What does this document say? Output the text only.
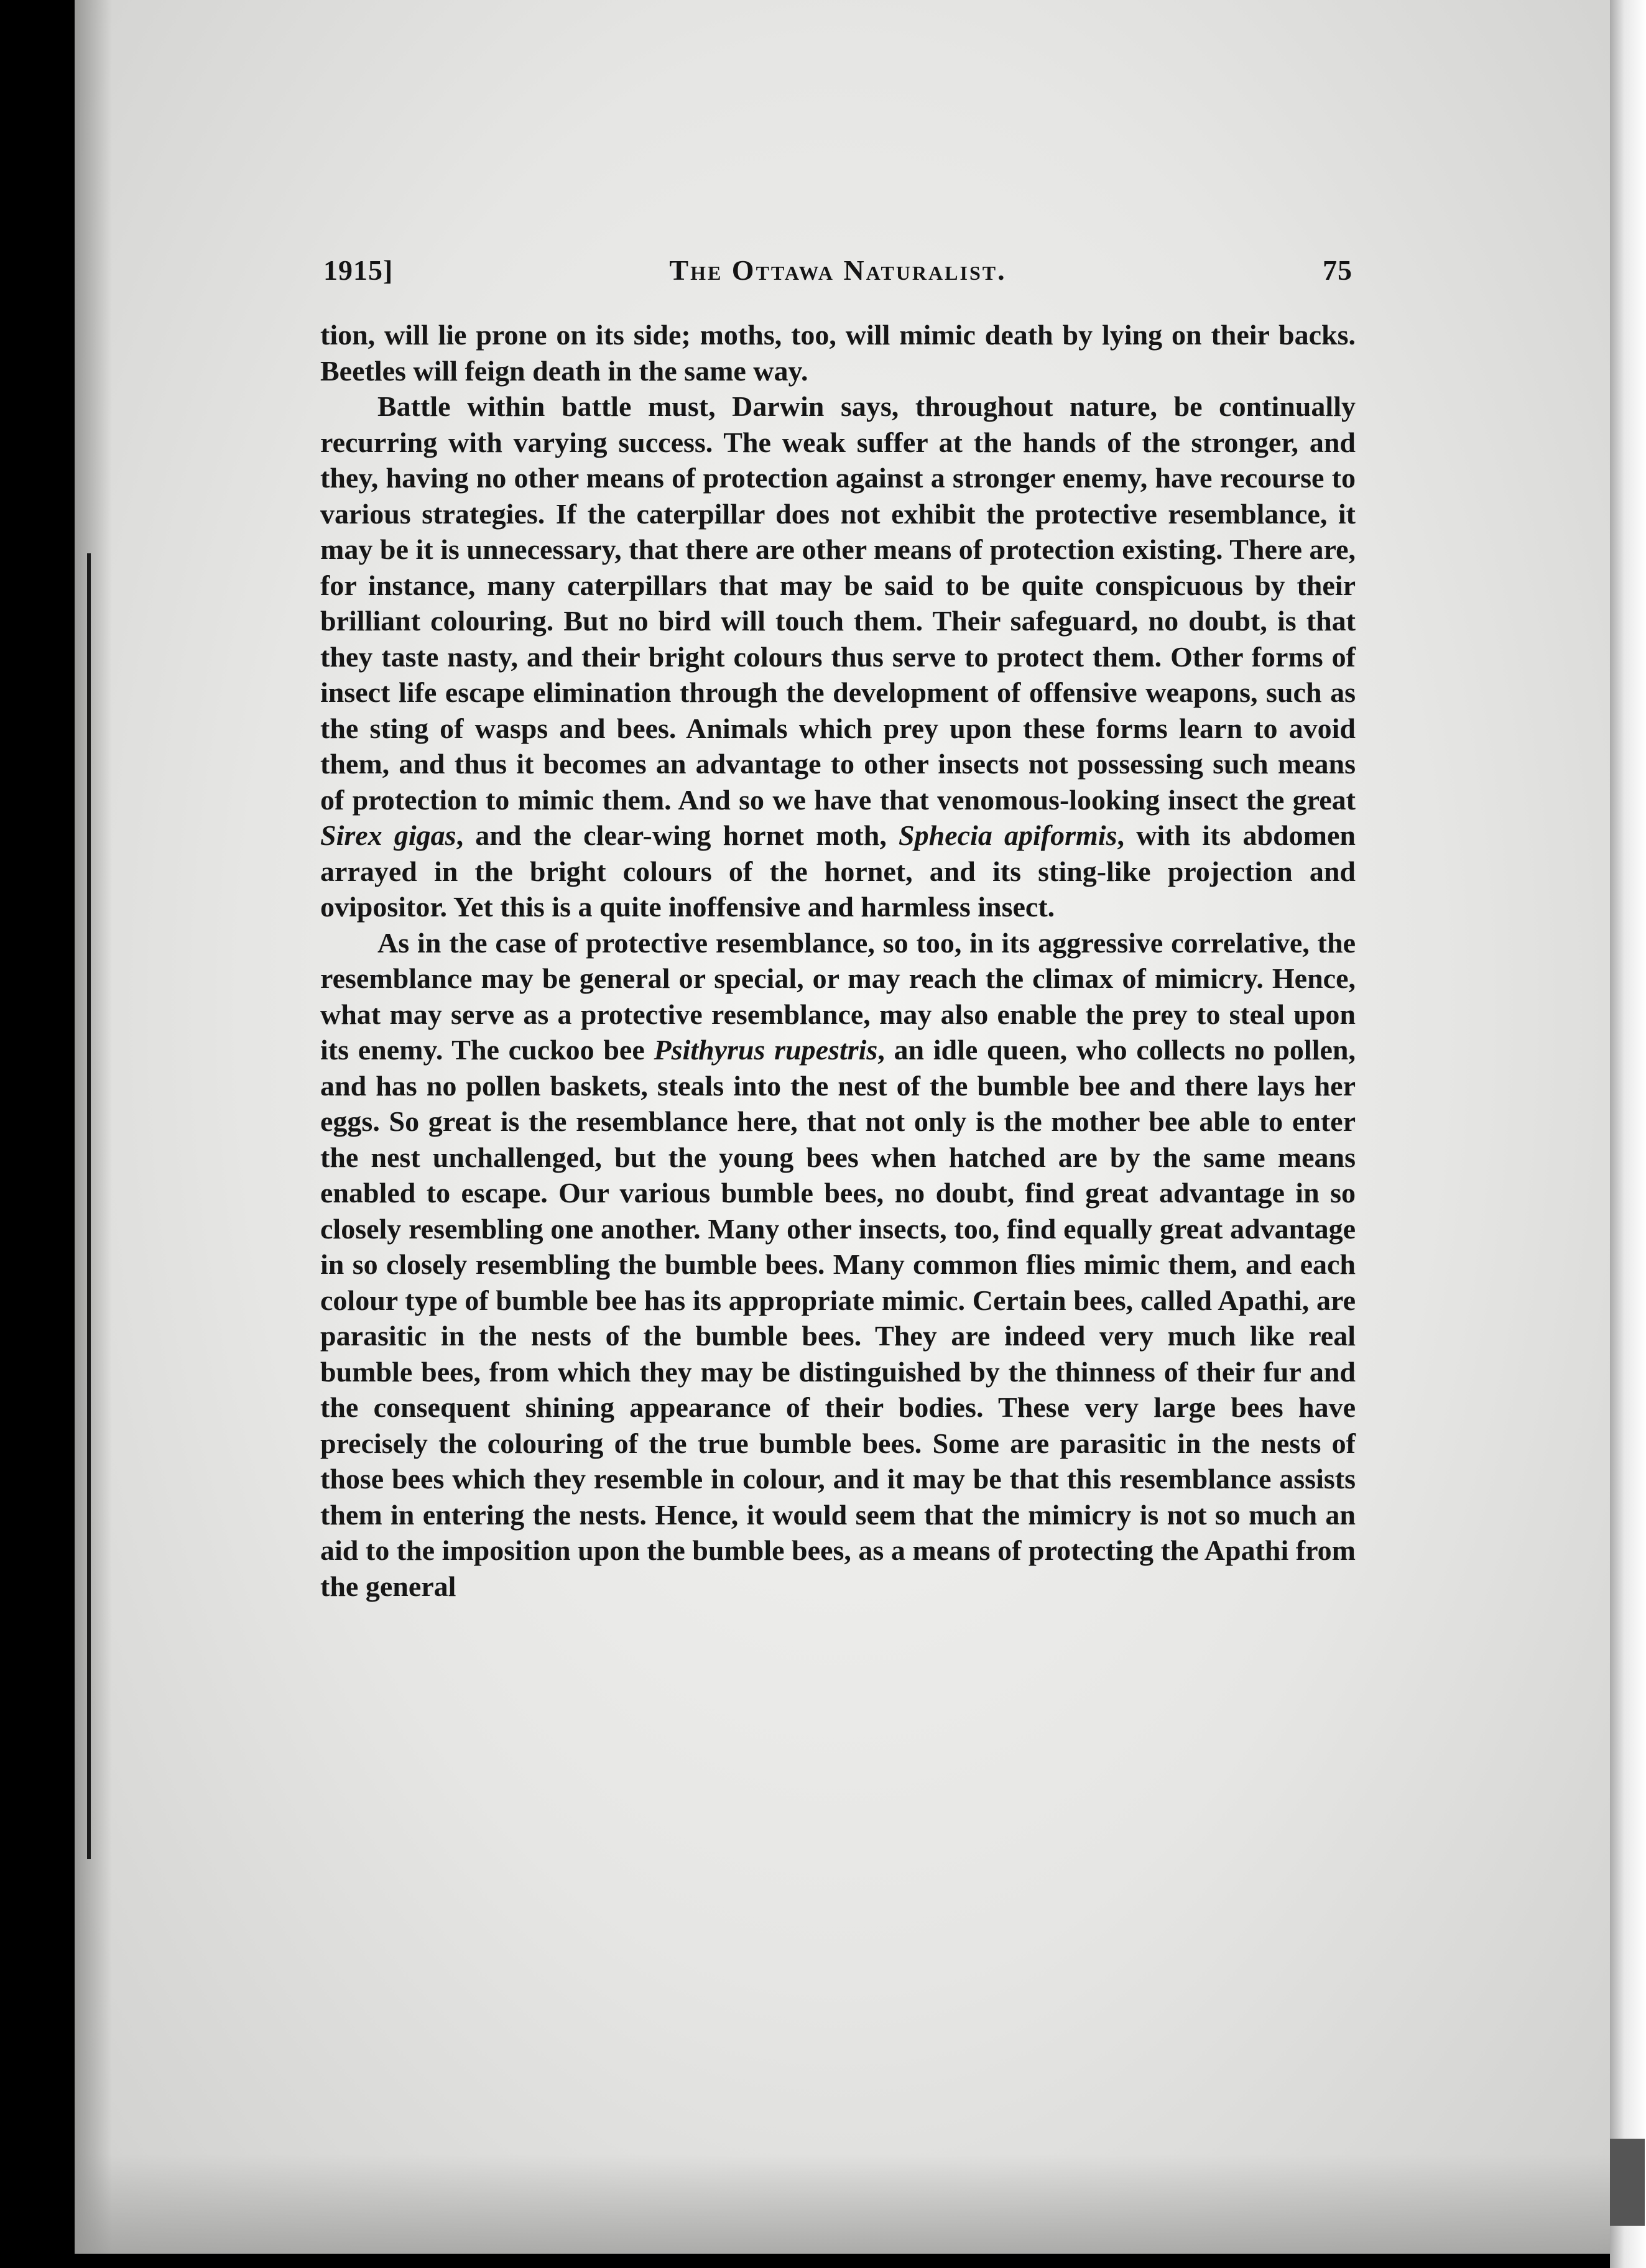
1915]	The Ottawa Naturalist.	75

tion, will lie prone on its side; moths, too, will mimic death by lying on their backs. Beetles will feign death in the same way.

Battle within battle must, Darwin says, throughout nature, be continually recurring with varying success. The weak suffer at the hands of the stronger, and they, having no other means of protection against a stronger enemy, have recourse to various strategies. If the caterpillar does not exhibit the protective resemblance, it may be it is unnecessary, that there are other means of protection existing. There are, for instance, many caterpillars that may be said to be quite conspicuous by their brilliant colouring. But no bird will touch them. Their safeguard, no doubt, is that they taste nasty, and their bright colours thus serve to protect them. Other forms of insect life escape elimination through the development of offensive weapons, such as the sting of wasps and bees. Animals which prey upon these forms learn to avoid them, and thus it becomes an advantage to other insects not possessing such means of protection to mimic them. And so we have that venomous-looking insect the great Sirex gigas, and the clear-wing hornet moth, Sphecia apiformis, with its abdomen arrayed in the bright colours of the hornet, and its sting-like projection and ovipositor. Yet this is a quite inoffensive and harmless insect.

As in the case of protective resemblance, so too, in its aggressive correlative, the resemblance may be general or special, or may reach the climax of mimicry. Hence, what may serve as a protective resemblance, may also enable the prey to steal upon its enemy. The cuckoo bee Psithyrus rupestris, an idle queen, who collects no pollen, and has no pollen baskets, steals into the nest of the bumble bee and there lays her eggs. So great is the resemblance here, that not only is the mother bee able to enter the nest unchallenged, but the young bees when hatched are by the same means enabled to escape. Our various bumble bees, no doubt, find great advantage in so closely resembling one another. Many other insects, too, find equally great advantage in so closely resembling the bumble bees. Many common flies mimic them, and each colour type of bumble bee has its appropriate mimic. Certain bees, called Apathi, are parasitic in the nests of the bumble bees. They are indeed very much like real bumble bees, from which they may be distinguished by the thinness of their fur and the consequent shining appearance of their bodies. These very large bees have precisely the colouring of the true bumble bees. Some are parasitic in the nests of those bees which they resemble in colour, and it may be that this resemblance assists them in entering the nests. Hence, it would seem that the mimicry is not so much an aid to the imposition upon the bumble bees, as a means of protecting the Apathi from the general
